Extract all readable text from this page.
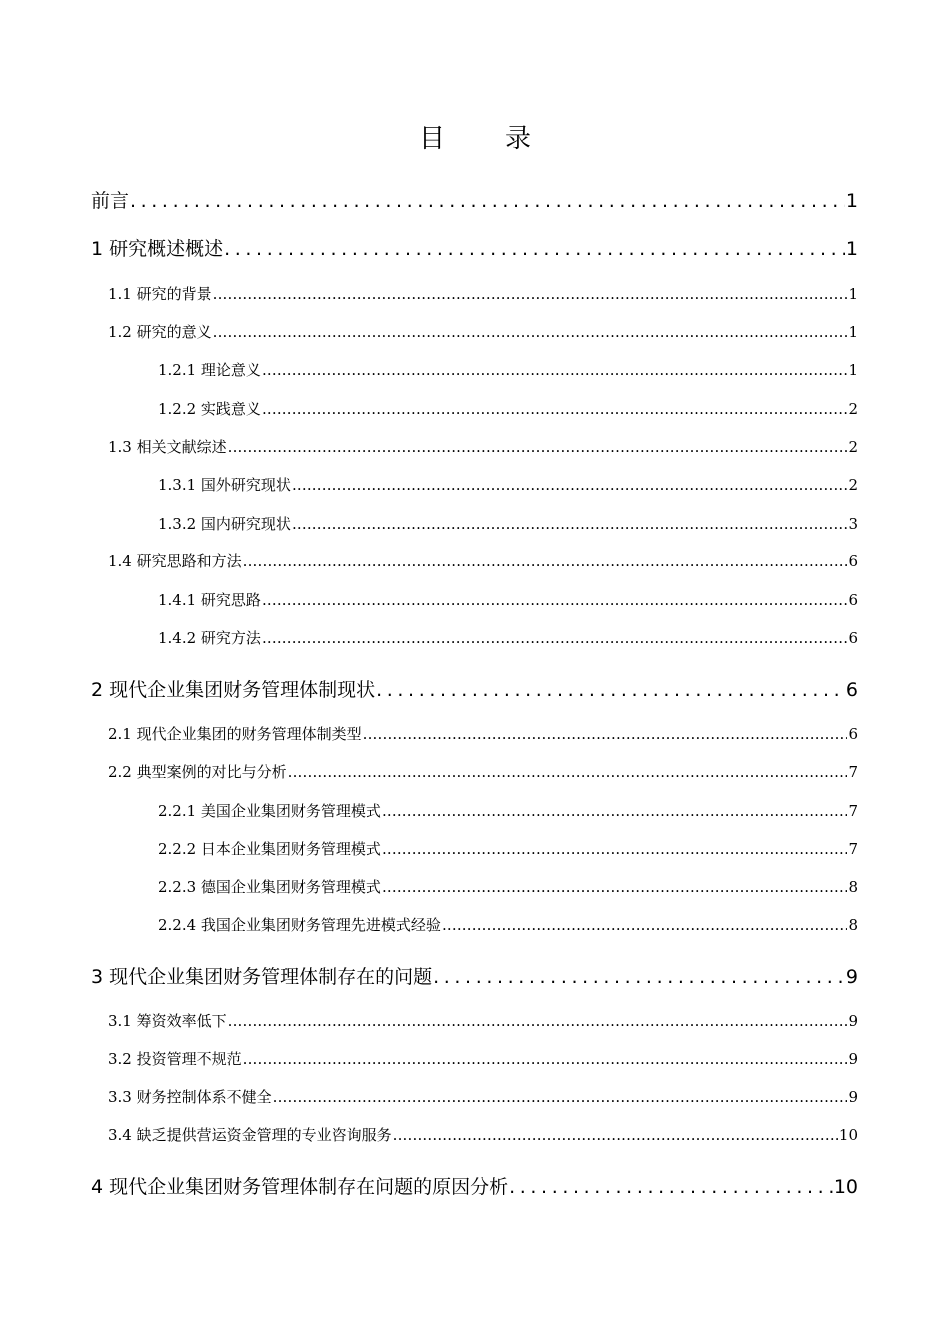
目 录
前言 .....	1
1 研究概述概述 .....	1
1.1 研究的背景 .....	1
1.2 研究的意义 .....	1
1.2.1 理论意义 .....	1
1.2.2 实践意义 .....	2
1.3 相关文献综述 .....	2
1.3.1 国外研究现状 .....	2
1.3.2 国内研究现状 .....	3
1.4 研究思路和方法 .....	6
1.4.1 研究思路 .....	6
1.4.2 研究方法 .....	6
2 现代企业集团财务管理体制现状 .....	6
2.1 现代企业集团的财务管理体制类型 .....	6
2.2 典型案例的对比与分析 .....	7
2.2.1 美国企业集团财务管理模式 .....	7
2.2.2 日本企业集团财务管理模式 .....	7
2.2.3 德国企业集团财务管理模式 .....	8
2.2.4 我国企业集团财务管理先进模式经验 .....	8
3 现代企业集团财务管理体制存在的问题 .....	9
3.1 筹资效率低下 .....	9
3.2 投资管理不规范 .....	9
3.3 财务控制体系不健全 .....	9
3.4 缺乏提供营运资金管理的专业咨询服务 .....	10
4 现代企业集团财务管理体制存在问题的原因分析 .....	10
